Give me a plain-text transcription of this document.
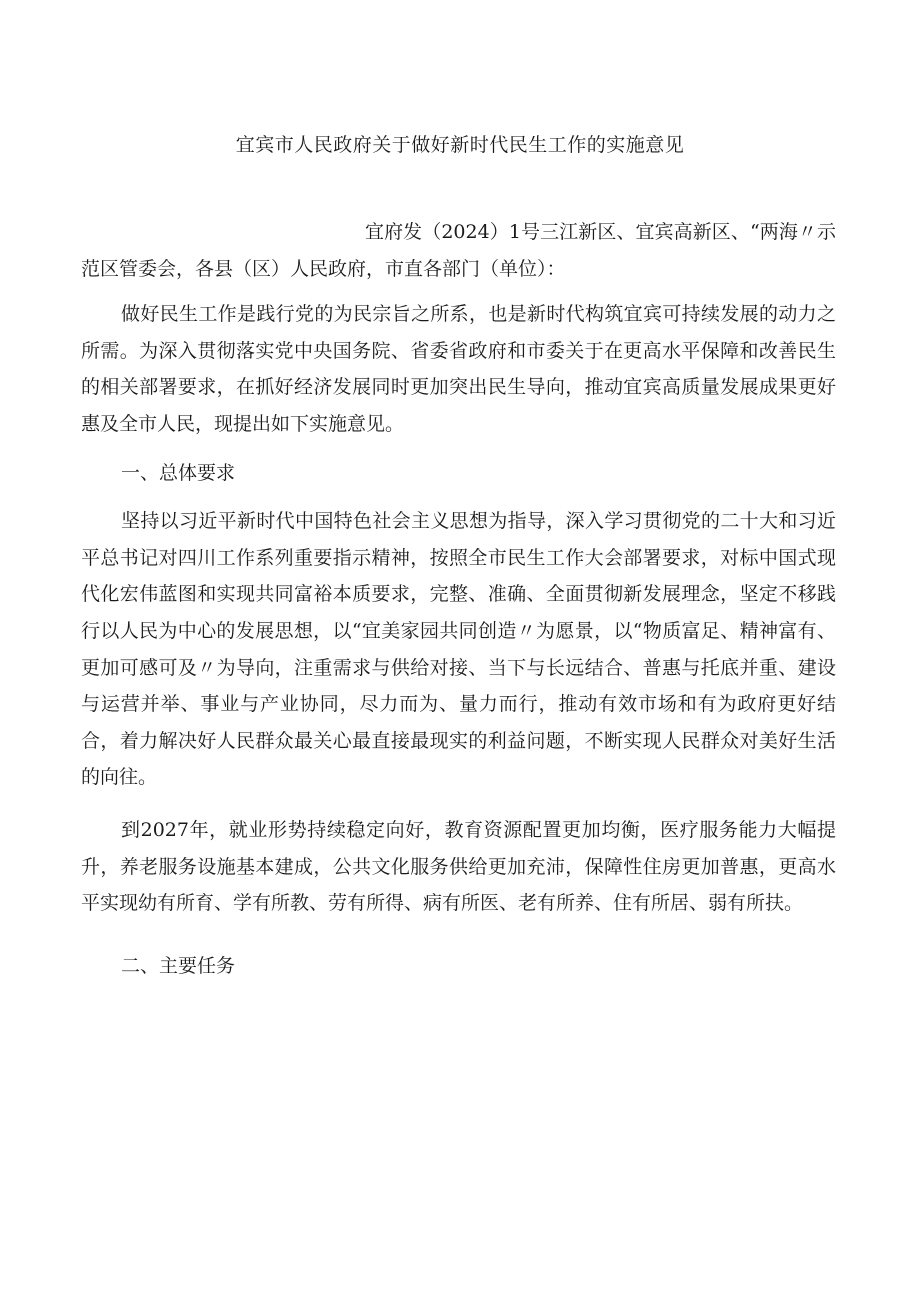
宜宾市人民政府关于做好新时代民生工作的实施意见

宜府发（2024）1号三江新区、宜宾高新区、“两海〃示范区管委会，各县（区）人民政府，市直各部门（单位）：

做好民生工作是践行党的为民宗旨之所系，也是新时代构筑宜宾可持续发展的动力之所需。为深入贯彻落实党中央国务院、省委省政府和市委关于在更高水平保障和改善民生的相关部署要求，在抓好经济发展同时更加突出民生导向，推动宜宾高质量发展成果更好惠及全市人民，现提出如下实施意见。

一、总体要求

坚持以习近平新时代中国特色社会主义思想为指导，深入学习贯彻党的二十大和习近平总书记对四川工作系列重要指示精神，按照全市民生工作大会部署要求，对标中国式现代化宏伟蓝图和实现共同富裕本质要求，完整、准确、全面贯彻新发展理念，坚定不移践行以人民为中心的发展思想，以“宜美家园共同创造〃为愿景，以“物质富足、精神富有、更加可感可及〃为导向，注重需求与供给对接、当下与长远结合、普惠与托底并重、建设与运营并举、事业与产业协同，尽力而为、量力而行，推动有效市场和有为政府更好结合，着力解决好人民群众最关心最直接最现实的利益问题，不断实现人民群众对美好生活的向往。

到2027年，就业形势持续稳定向好，教育资源配置更加均衡，医疗服务能力大幅提升，养老服务设施基本建成，公共文化服务供给更加充沛，保障性住房更加普惠，更高水平实现幼有所育、学有所教、劳有所得、病有所医、老有所养、住有所居、弱有所扶。

二、主要任务
